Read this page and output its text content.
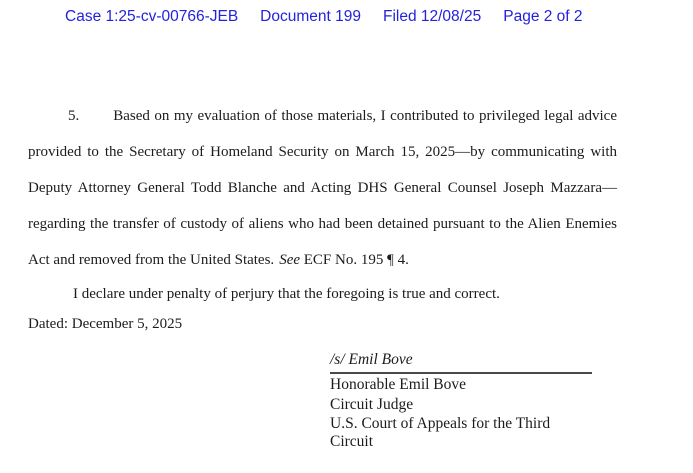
Case 1:25-cv-00766-JEB Document 199 Filed 12/08/25 Page 2 of 2
5. Based on my evaluation of those materials, I contributed to privileged legal advice
provided to the Secretary of Homeland Security on March 15, 2025—by communicating with
Deputy Attorney General Todd Blanche and Acting DHS General Counsel Joseph Mazzara—
regarding the transfer of custody of aliens who had been detained pursuant to the Alien Enemies
Act and removed from the United States. See ECF No. 195 ¶ 4.
I declare under penalty of perjury that the foregoing is true and correct.
Dated: December 5, 2025
/s/ Emil Bove
Honorable Emil Bove
Circuit Judge
U.S. Court of Appeals for the Third Circuit
